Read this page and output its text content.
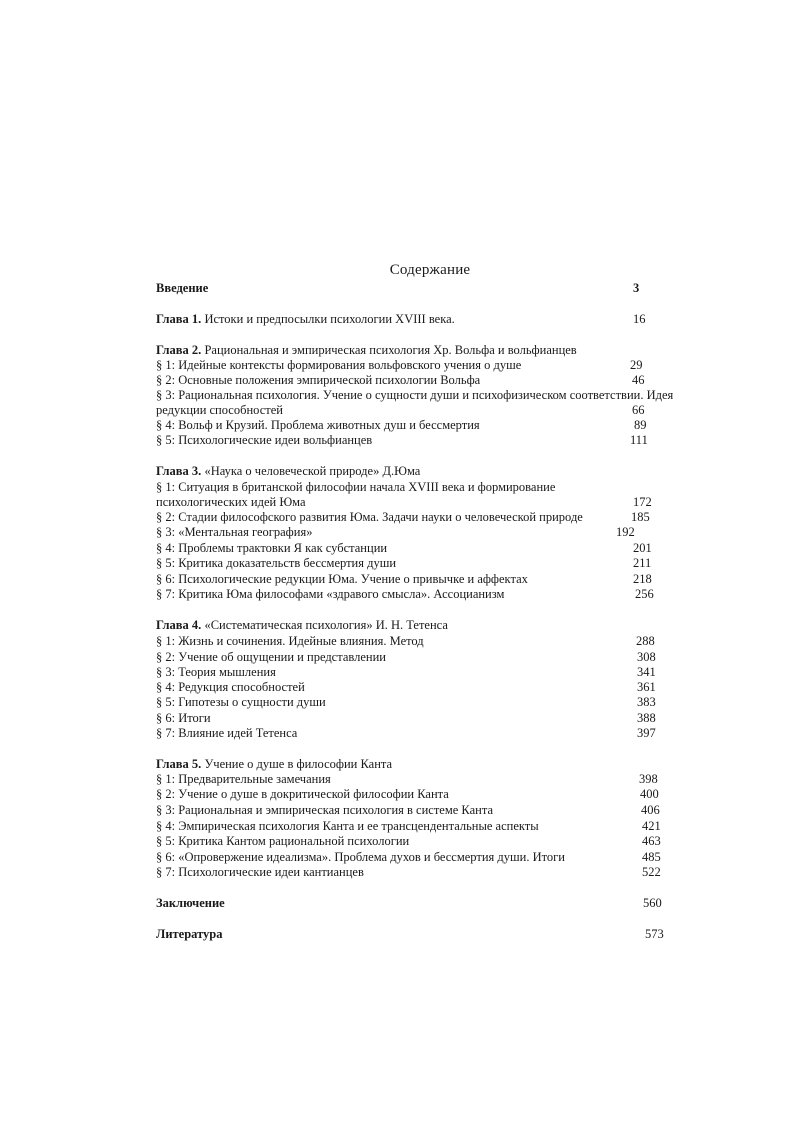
Содержание
Введение	3
Глава 1. Истоки и предпосылки психологии XVIII века.	16
Глава 2. Рациональная и эмпирическая психология Хр. Вольфа и вольфианцев
§ 1: Идейные контексты формирования вольфовского учения о душе	29
§ 2: Основные положения эмпирической психологии Вольфа	46
§ 3: Рациональная психология. Учение о сущности души и психофизическом соответствии. Идея
редукции способностей	66
§ 4: Вольф и Крузий. Проблема животных душ и бессмертия	89
§ 5: Психологические идеи вольфианцев	111
Глава 3. «Наука о человеческой природе» Д.Юма
§ 1: Ситуация в британской философии начала XVIII века и формирование
психологических идей Юма	172
§ 2: Стадии философского развития Юма. Задачи науки о человеческой природе	185
§ 3: «Ментальная география»	192
§ 4: Проблемы трактовки Я как субстанции	201
§ 5: Критика доказательств бессмертия души	211
§ 6: Психологические редукции Юма. Учение о привычке и аффектах	218
§ 7: Критика Юма философами «здравого смысла». Ассоцианизм	256
Глава 4. «Систематическая психология» И. Н. Тетенса
§ 1: Жизнь и сочинения. Идейные влияния. Метод	288
§ 2: Учение об ощущении и представлении	308
§ 3: Теория мышления	341
§ 4: Редукция способностей	361
§ 5: Гипотезы о сущности души	383
§ 6: Итоги	388
§ 7: Влияние идей Тетенса	397
Глава 5. Учение о душе в философии Канта
§ 1: Предварительные замечания	398
§ 2: Учение о душе в докритической философии Канта	400
§ 3: Рациональная и эмпирическая психология в системе Канта	406
§ 4: Эмпирическая психология Канта и ее трансцендентальные аспекты	421
§ 5: Критика Кантом рациональной психологии	463
§ 6: «Опровержение идеализма». Проблема духов и бессмертия души. Итоги	485
§ 7: Психологические идеи кантианцев	522
Заключение	560
Литература	573
